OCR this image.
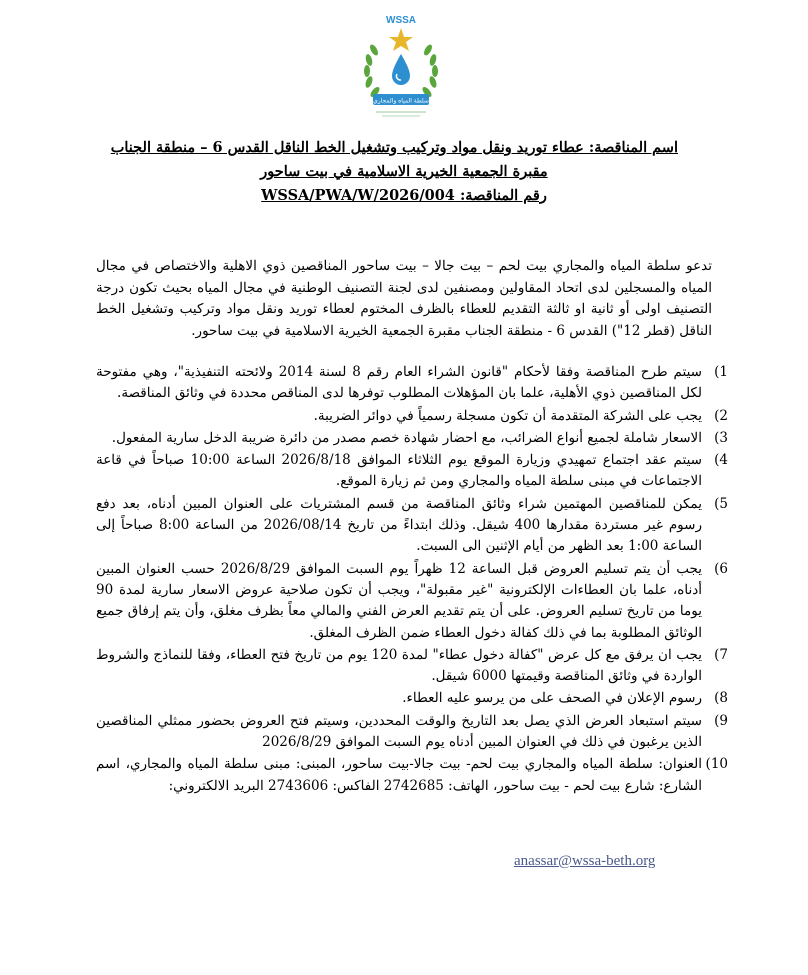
WSSA
سلطة المياه والمجاري
اسم المناقصة: عطاء توريد ونقل مواد وتركيب وتشغيل الخط الناقل القدس 6 – منطقة الجناب
مقبرة الجمعية الخيرية الاسلامية في بيت ساحور
رقم المناقصة: WSSA/PWA/W/2026/004
تدعو سلطة المياه والمجاري بيت لحم – بيت جالا – بيت ساحور المناقصين ذوي الاهلية والاختصاص في مجال المياه والمسجلين لدى اتحاد المقاولين ومصنفين لدى لجنة التصنيف الوطنية في مجال المياه بحيث تكون درجة التصنيف اولى أو ثانية او ثالثة التقديم للعطاء بالظرف المختوم لعطاء توريد ونقل مواد وتركيب وتشغيل الخط الناقل (قطر 12") القدس 6 - منطقة الجناب مقبرة الجمعية الخيرية الاسلامية في بيت ساحور.
1)
سيتم طرح المناقصة وفقا لأحكام "قانون الشراء العام رقم 8 لسنة 2014 ولائحته التنفيذية"، وهي مفتوحة لكل المناقصين ذوي الأهلية، علما بان المؤهلات المطلوب توفرها لدى المناقص محددة في وثائق المناقصة.
2)
يجب على الشركة المتقدمة أن تكون مسجلة رسمياً في دوائر الضريبة.
3)
الاسعار شاملة لجميع أنواع الضرائب، مع احضار شهادة خصم مصدر من دائرة ضريبة الدخل سارية المفعول.
4)
سيتم عقد اجتماع تمهيدي وزيارة الموقع يوم الثلاثاء الموافق 2026/8/18 الساعة 10:00 صباحاً في قاعة الاجتماعات في مبنى سلطة المياه والمجاري ومن ثم زيارة الموقع.
5)
يمكن للمناقصين المهتمين شراء وثائق المناقصة من قسم المشتريات على العنوان المبين أدناه، بعد دفع رسوم غير مستردة مقدارها 400 شيقل. وذلك ابتداءً من تاريخ 2026/08/14 من الساعة 8:00 صباحاً إلى الساعة 1:00 بعد الظهر من أيام الإثنين الى السبت.
6)
يجب أن يتم تسليم العروض قبل الساعة 12 ظهراً يوم السبت الموافق 2026/8/29 حسب العنوان المبين أدناه، علما بان العطاءات الإلكترونية "غير مقبولة"، ويجب أن تكون صلاحية عروض الاسعار سارية لمدة 90 يوما من تاريخ تسليم العروض. على أن يتم تقديم العرض الفني والمالي معاً بظرف مغلق، وأن يتم إرفاق جميع الوثائق المطلوبة بما في ذلك كفالة دخول العطاء ضمن الظرف المغلق.
7)
يجب ان يرفق مع كل عرض "كفالة دخول عطاء" لمدة 120 يوم من تاريخ فتح العطاء، وفقا للنماذج والشروط الواردة في وثائق المناقصة وقيمتها 6000 شيقل.
8)
رسوم الإعلان في الصحف على من يرسو عليه العطاء.
9)
سيتم استبعاد العرض الذي يصل بعد التاريخ والوقت المحددين، وسيتم فتح العروض بحضور ممثلي المناقصين الذين يرغبون في ذلك في العنوان المبين أدناه يوم السبت الموافق 2026/8/29
10)
العنوان: سلطة المياه والمجاري بيت لحم- بيت جالا-بيت ساحور، المبنى: مبنى سلطة المياه والمجاري، اسم الشارع: شارع بيت لحم - بيت ساحور، الهاتف: 2742685 الفاكس: 2743606 البريد الالكتروني:
anassar@wssa-beth.org
